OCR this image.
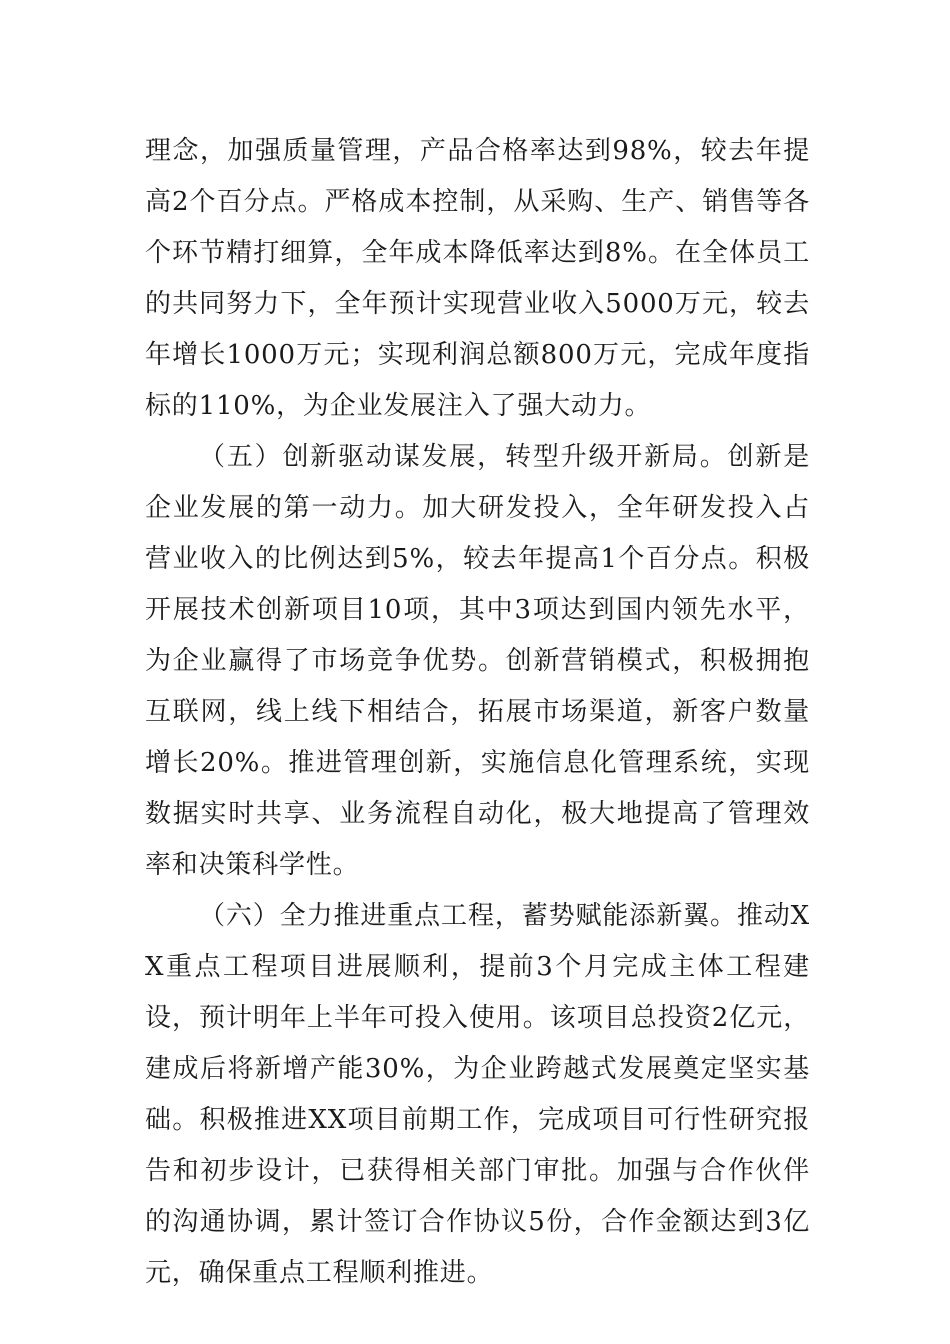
理念，加强质量管理，产品合格率达到98%，较去年提高2个百分点。严格成本控制，从采购、生产、销售等各个环节精打细算，全年成本降低率达到8%。在全体员工的共同努力下，全年预计实现营业收入5000万元，较去年增长1000万元；实现利润总额800万元，完成年度指标的110%，为企业发展注入了强大动力。

（五）创新驱动谋发展，转型升级开新局。创新是企业发展的第一动力。加大研发投入，全年研发投入占营业收入的比例达到5%，较去年提高1个百分点。积极开展技术创新项目10项，其中3项达到国内领先水平，为企业赢得了市场竞争优势。创新营销模式，积极拥抱互联网，线上线下相结合，拓展市场渠道，新客户数量增长20%。推进管理创新，实施信息化管理系统，实现数据实时共享、业务流程自动化，极大地提高了管理效率和决策科学性。

（六）全力推进重点工程，蓄势赋能添新翼。推动XX重点工程项目进展顺利，提前3个月完成主体工程建设，预计明年上半年可投入使用。该项目总投资2亿元，建成后将新增产能30%，为企业跨越式发展奠定坚实基础。积极推进XX项目前期工作，完成项目可行性研究报告和初步设计，已获得相关部门审批。加强与合作伙伴的沟通协调，累计签订合作协议5份，合作金额达到3亿元，确保重点工程顺利推进。
